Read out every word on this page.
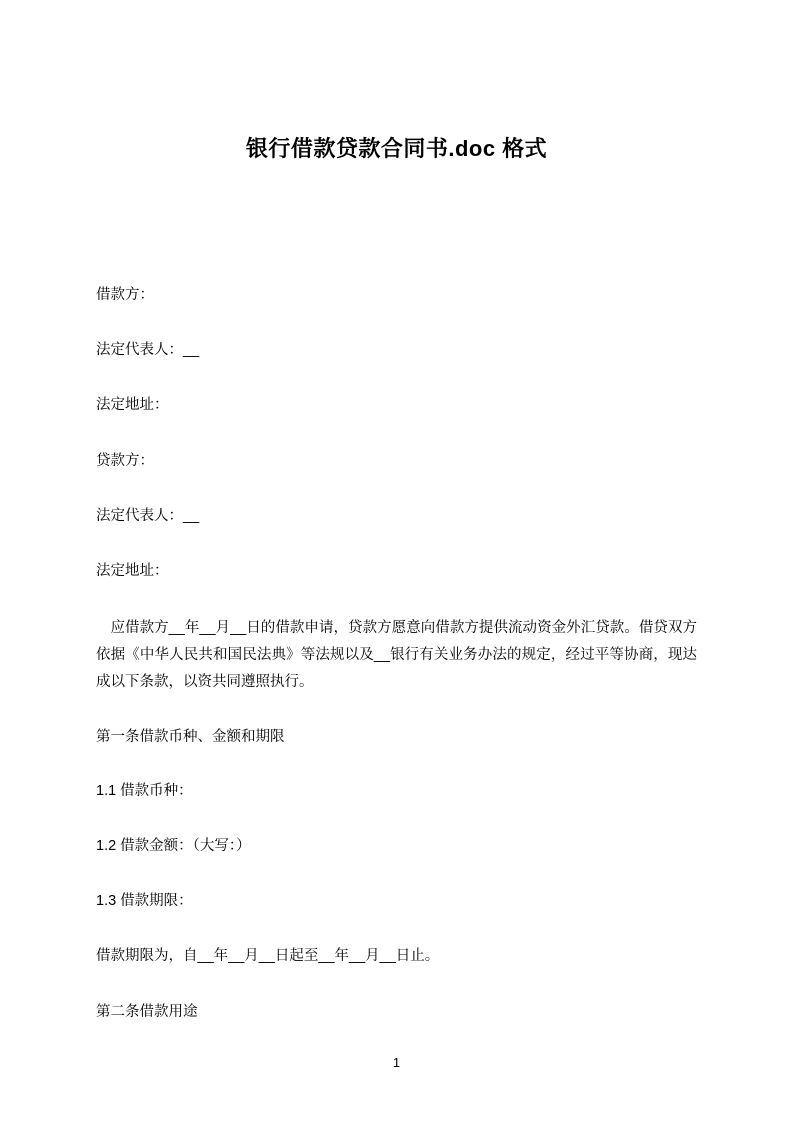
银行借款贷款合同书.doc 格式

借款方：

法定代表人：__

法定地址：

贷款方：

法定代表人：__

法定地址：

应借款方__年__月__日的借款申请，贷款方愿意向借款方提供流动资金外汇贷款。借贷双方依据《中华人民共和国民法典》等法规以及__银行有关业务办法的规定，经过平等协商，现达成以下条款，以资共同遵照执行。

第一条借款币种、金额和期限

1.1 借款币种：

1.2 借款金额：（大写：）

1.3 借款期限：

借款期限为，自__年__月__日起至__年__月__日止。

第二条借款用途

1
